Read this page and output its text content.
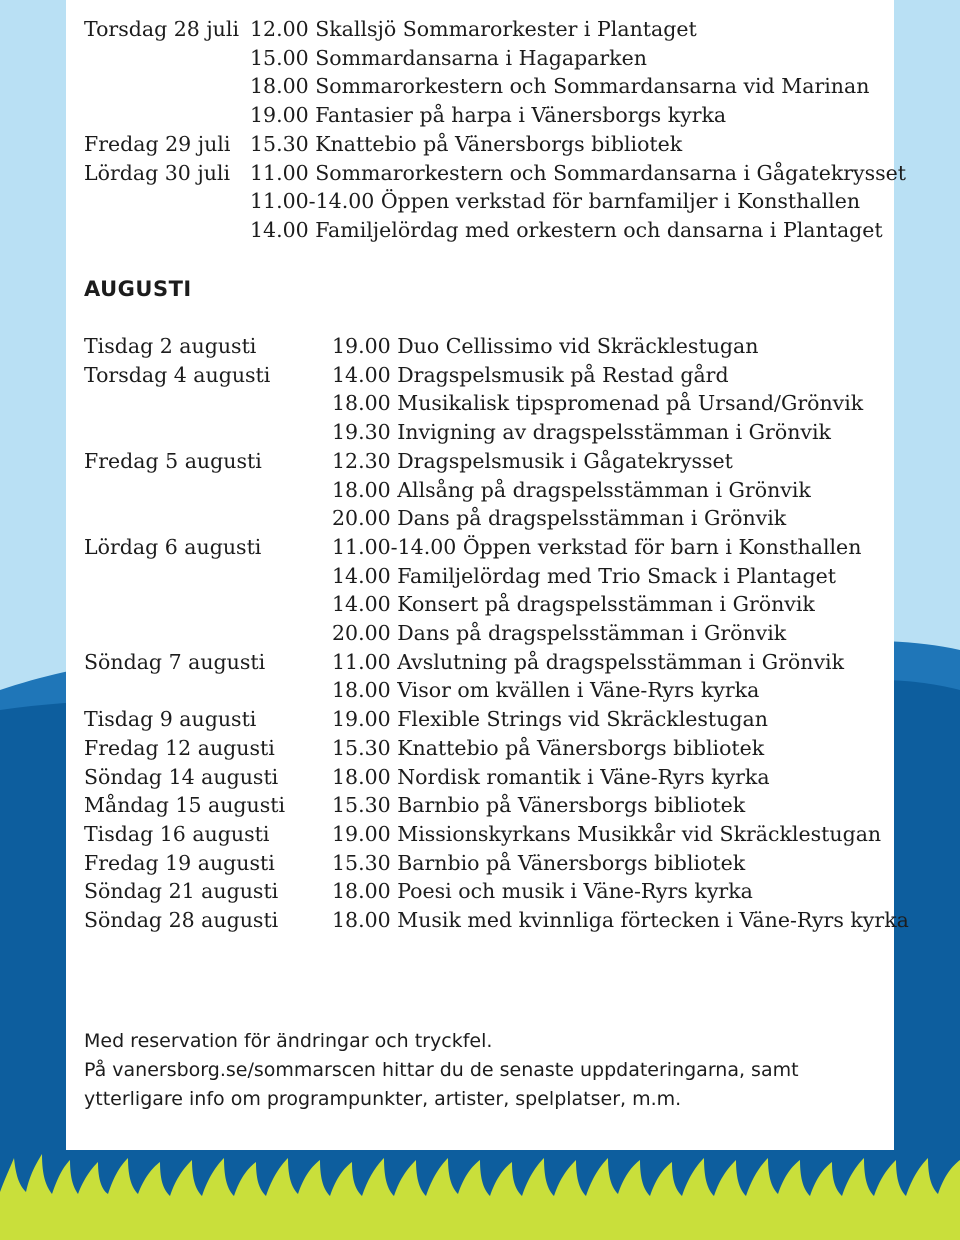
Torsdag 28 juli
Fredag 29 juli
Lördag 30 juli
12.00 Skallsjö Sommarorkester i Plantaget
15.00 Sommardansarna i Hagaparken
18.00 Sommarorkestern och Sommardansarna vid Marinan
19.00 Fantasier på harpa i Vänersborgs kyrka
15.30 Knattebio på Vänersborgs bibliotek
11.00 Sommarorkestern och Sommardansarna i Gågatekrysset
11.00-14.00 Öppen verkstad för barnfamiljer i Konsthallen
14.00 Familjelördag med orkestern och dansarna i Plantaget
Tisdag 2 augusti
Torsdag 4 augusti
Fredag 5 augusti
Lördag 6 augusti
Söndag 7 augusti
Tisdag 9 augusti
Fredag 12 augusti
Söndag 14 augusti
Måndag 15 augusti
Tisdag 16 augusti
Fredag 19 augusti
Söndag 21 augusti
Söndag 28 augusti
19.00 Duo Cellissimo vid Skräcklestugan
14.00 Dragspelsmusik på Restad gård
18.00 Musikalisk tipspromenad på Ursand/Grönvik
19.30 Invigning av dragspelsstämman i Grönvik
12.30 Dragspelsmusik i Gågatekrysset
18.00 Allsång på dragspelsstämman i Grönvik
20.00 Dans på dragspelsstämman i Grönvik
11.00-14.00 Öppen verkstad för barn i Konsthallen
14.00 Familjelördag med Trio Smack i Plantaget
14.00 Konsert på dragspelsstämman i Grönvik
20.00 Dans på dragspelsstämman i Grönvik
11.00 Avslutning på dragspelsstämman i Grönvik
18.00 Visor om kvällen i Väne-Ryrs kyrka
19.00 Flexible Strings vid Skräcklestugan
15.30 Knattebio på Vänersborgs bibliotek
18.00 Nordisk romantik i Väne-Ryrs kyrka
15.30 Barnbio på Vänersborgs bibliotek
19.00 Missionskyrkans Musikkår vid Skräcklestugan
15.30 Barnbio på Vänersborgs bibliotek
18.00 Poesi och musik i Väne-Ryrs kyrka
18.00 Musik med kvinnliga förtecken i Väne-Ryrs kyrka
AUGUSTI
Med reservation för ändringar och tryckfel.
På vanersborg.se/sommarscen hittar du de senaste uppdateringarna, samt
ytterligare info om programpunkter, artister, spelplatser, m.m.
